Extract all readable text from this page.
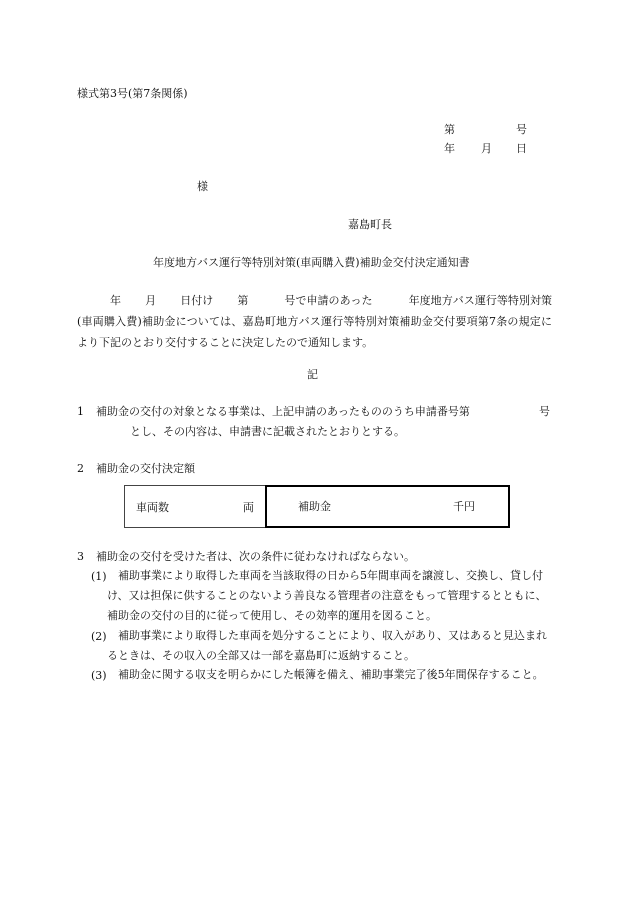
様式第3号(第7条関係)
第	号
年 月 日
様
嘉島町長
年度地方バス運行等特別対策(車両購入費)補助金交付決定通知書
年 月 日付け 第	号で申請のあった	年度地方バス運行等特別対策(車両購入費)補助金については、嘉島町地方バス運行等特別対策補助金交付要項第7条の規定により下記のとおり交付することに決定したので通知します。
記
1 補助金の交付の対象となる事業は、上記申請のあったもののうち申請番号第	号
とし、その内容は、申請書に記載されたとおりとする。
2 補助金の交付決定額
車両数	両	補助金	千円
3 補助金の交付を受けた者は、次の条件に従わなければならない。
(1)	補助事業により取得した車両を当該取得の日から5年間車両を譲渡し、交換し、貸し付け、又は担保に供することのないよう善良なる管理者の注意をもって管理するとともに、補助金の交付の目的に従って使用し、その効率的運用を図ること。
(2)	補助事業により取得した車両を処分することにより、収入があり、又はあると見込まれるときは、その収入の全部又は一部を嘉島町に返納すること。
(3)	補助金に関する収支を明らかにした帳簿を備え、補助事業完了後5年間保存すること。
